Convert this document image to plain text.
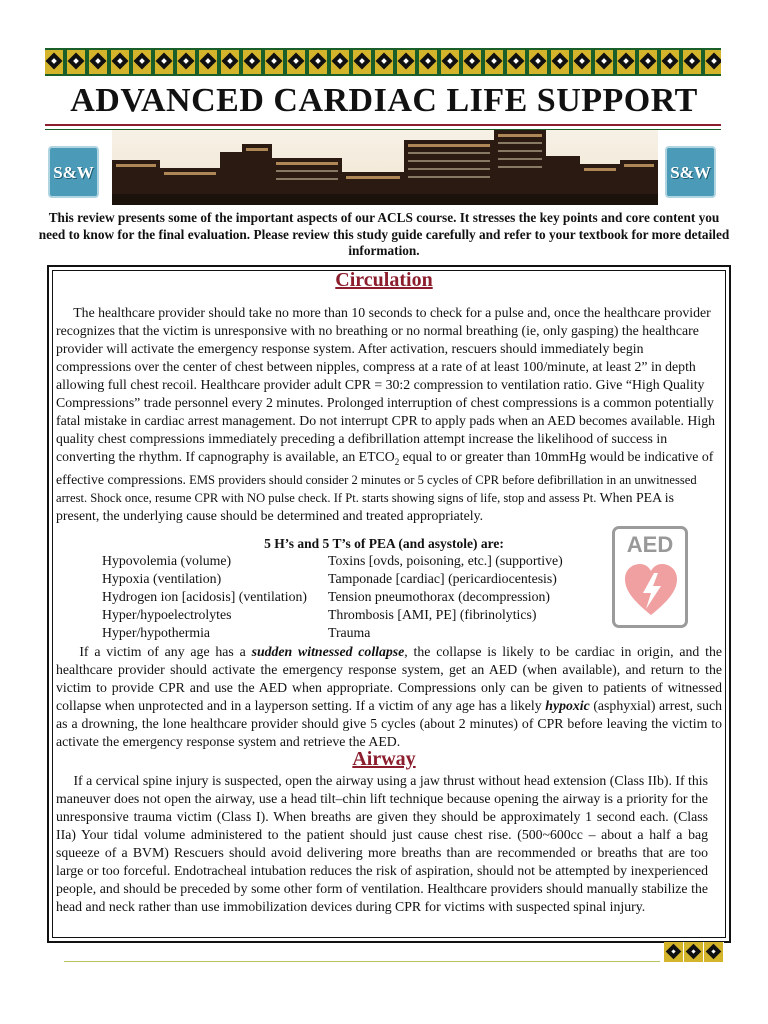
ADVANCED CARDIAC LIFE SUPPORT
S&W	S&W

This review presents some of the important aspects of our ACLS course. It stresses the key points and core content you need to know for the final evaluation. Please review this study guide carefully and refer to your textbook for more detailed information.

Circulation

The healthcare provider should take no more than 10 seconds to check for a pulse and, once the healthcare provider recognizes that the victim is unresponsive with no breathing or no normal breathing (ie, only gasping) the healthcare provider will activate the emergency response system. After activation, rescuers should immediately begin compressions over the center of chest between nipples, compress at a rate of at least 100/minute, at least 2” in depth allowing full chest recoil. Healthcare provider adult CPR = 30:2 compression to ventilation ratio. Give “High Quality Compressions” trade personnel every 2 minutes. Prolonged interruption of chest compressions is a common potentially fatal mistake in cardiac arrest management. Do not interrupt CPR to apply pads when an AED becomes available. High quality chest compressions immediately preceding a defibrillation attempt increase the likelihood of success in converting the rhythm. If capnography is available, an $ETCO_2$ equal to or greater than 10mmHg would be indicative of effective compressions. EMS providers should consider 2 minutes or 5 cycles of CPR before defibrillation in an unwitnessed arrest. Shock once, resume CPR with NO pulse check. If Pt. starts showing signs of life, stop and assess Pt. When PEA is present, the underlying cause should be determined and treated appropriately.

5 H’s and 5 T’s of PEA (and asystole) are:
Hypovolemia (volume)	Toxins [ovds, poisoning, etc.] (supportive)
Hypoxia (ventilation)	Tamponade [cardiac] (pericardiocentesis)
Hydrogen ion [acidosis] (ventilation)	Tension pneumothorax (decompression)
Hyper/hypoelectrolytes	Thrombosis [AMI, PE] (fibrinolytics)
Hyper/hypothermia	Trauma
AED

If a victim of any age has a sudden witnessed collapse, the collapse is likely to be cardiac in origin, and the healthcare provider should activate the emergency response system, get an AED (when available), and return to the victim to provide CPR and use the AED when appropriate. Compressions only can be given to patients of witnessed collapse when unprotected and in a layperson setting. If a victim of any age has a likely hypoxic (asphyxial) arrest, such as a drowning, the lone healthcare provider should give 5 cycles (about 2 minutes) of CPR before leaving the victim to activate the emergency response system and retrieve the AED.

Airway

If a cervical spine injury is suspected, open the airway using a jaw thrust without head extension (Class IIb). If this maneuver does not open the airway, use a head tilt–chin lift technique because opening the airway is a priority for the unresponsive trauma victim (Class I). When breaths are given they should be approximately 1 second each. (Class IIa) Your tidal volume administered to the patient should just cause chest rise. (500~600cc – about a half a bag squeeze of a BVM) Rescuers should avoid delivering more breaths than are recommended or breaths that are too large or too forceful. Endotracheal intubation reduces the risk of aspiration, should not be attempted by inexperienced people, and should be preceded by some other form of ventilation. Healthcare providers should manually stabilize the head and neck rather than use immobilization devices during CPR for victims with suspected spinal injury.
